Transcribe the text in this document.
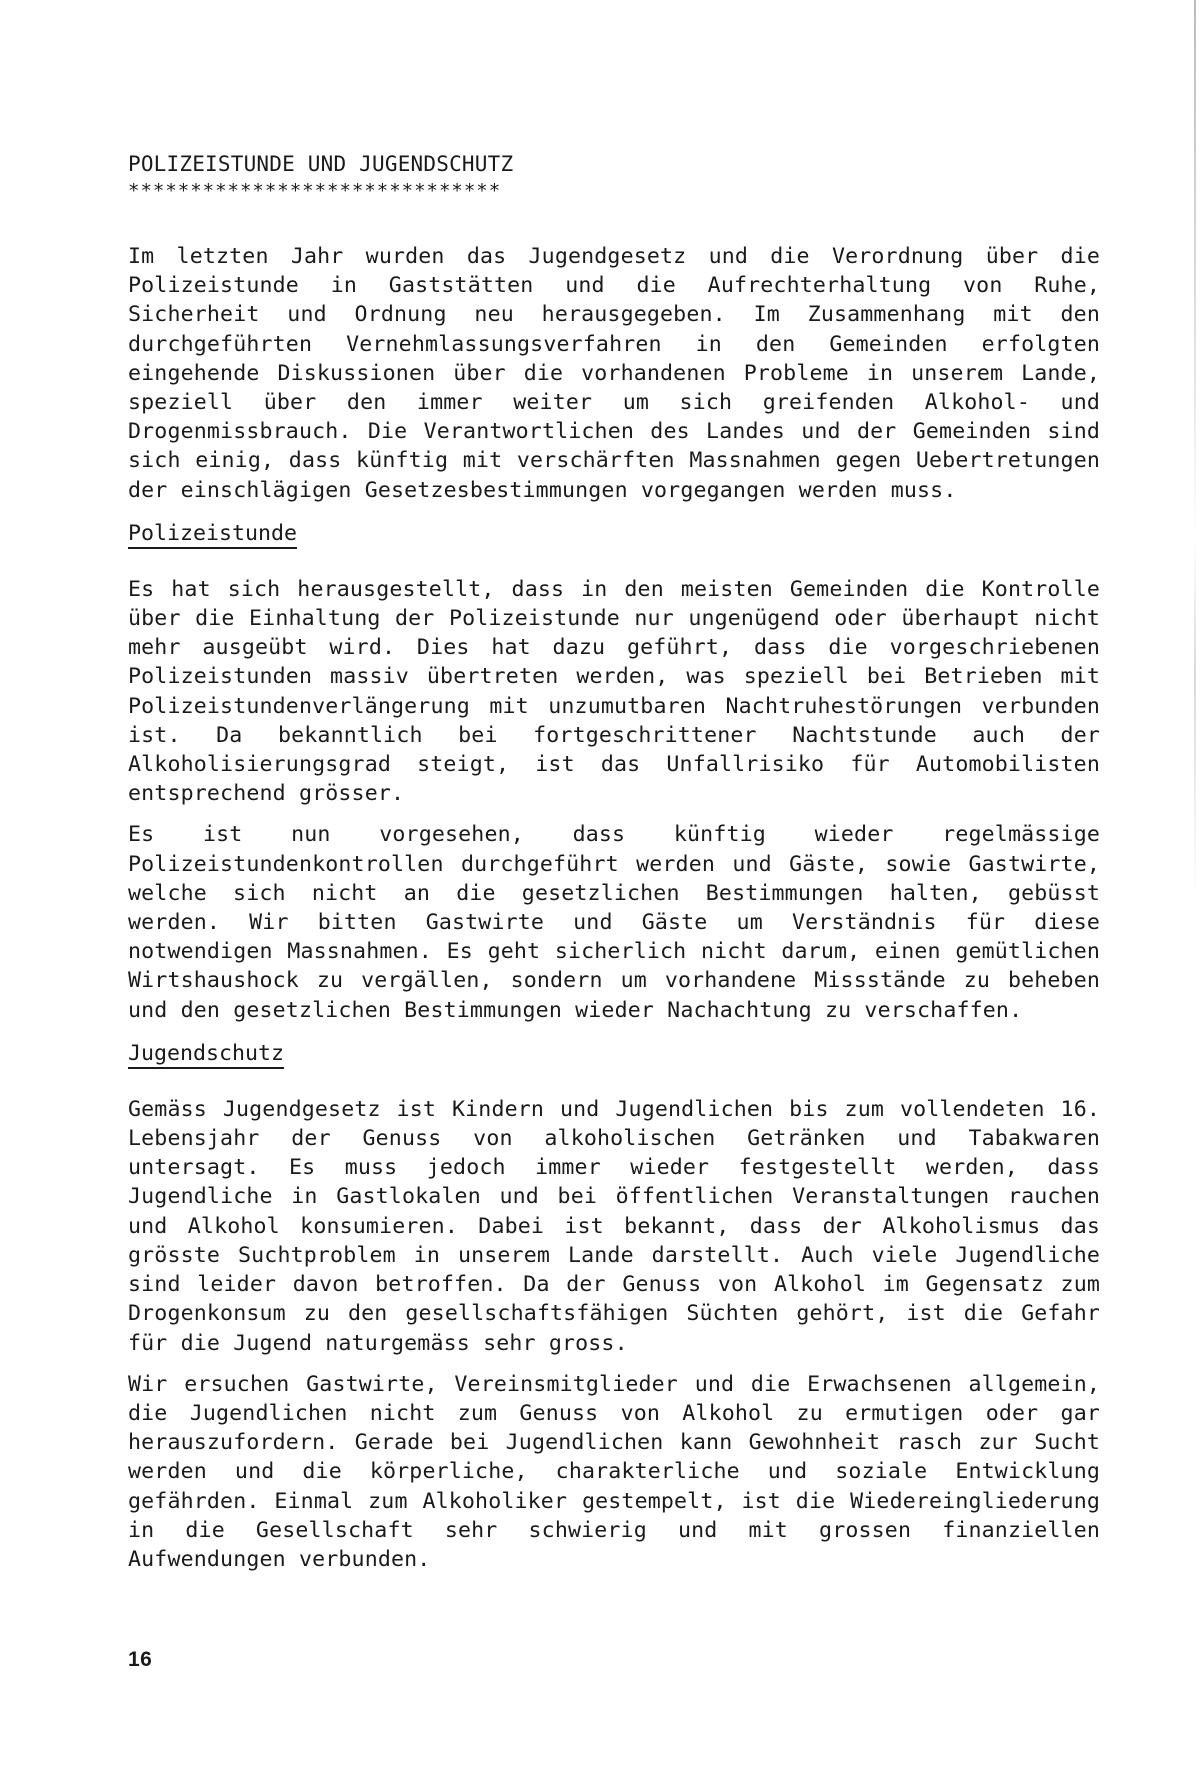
POLIZEISTUNDE UND JUGENDSCHUTZ
******************************

Im letzten Jahr wurden das Jugendgesetz und die Verordnung über die Polizeistunde in Gaststätten und die Aufrechterhaltung von Ruhe, Sicherheit und Ordnung neu herausgegeben. Im Zusammenhang mit den durchgeführten Vernehmlassungsverfahren in den Gemeinden erfolgten eingehende Diskussionen über die vorhandenen Probleme in unserem Lande, speziell über den immer weiter um sich greifenden Alkohol- und Drogenmissbrauch. Die Verantwortlichen des Landes und der Gemeinden sind sich einig, dass künftig mit verschärften Massnahmen gegen Uebertretungen der einschlägigen Gesetzesbestimmungen vorgegangen werden muss.

Polizeistunde

Es hat sich herausgestellt, dass in den meisten Gemeinden die Kontrolle über die Einhaltung der Polizeistunde nur ungenügend oder überhaupt nicht mehr ausgeübt wird. Dies hat dazu geführt, dass die vorgeschriebenen Polizeistunden massiv übertreten werden, was speziell bei Betrieben mit Polizeistundenverlängerung mit unzumutbaren Nachtruhestörungen verbunden ist. Da bekanntlich bei fortgeschrittener Nachtstunde auch der Alkoholisierungsgrad steigt, ist das Unfallrisiko für Automobilisten entsprechend grösser.

Es ist nun vorgesehen, dass künftig wieder regelmässige Polizeistundenkontrollen durchgeführt werden und Gäste, sowie Gastwirte, welche sich nicht an die gesetzlichen Bestimmungen halten, gebüsst werden. Wir bitten Gastwirte und Gäste um Verständnis für diese notwendigen Massnahmen. Es geht sicherlich nicht darum, einen gemütlichen Wirtshaushock zu vergällen, sondern um vorhandene Missstände zu beheben und den gesetzlichen Bestimmungen wieder Nachachtung zu verschaffen.

Jugendschutz

Gemäss Jugendgesetz ist Kindern und Jugendlichen bis zum vollendeten 16. Lebensjahr der Genuss von alkoholischen Getränken und Tabakwaren untersagt. Es muss jedoch immer wieder festgestellt werden, dass Jugendliche in Gastlokalen und bei öffentlichen Veranstaltungen rauchen und Alkohol konsumieren. Dabei ist bekannt, dass der Alkoholismus das grösste Suchtproblem in unserem Lande darstellt. Auch viele Jugendliche sind leider davon betroffen. Da der Genuss von Alkohol im Gegensatz zum Drogenkonsum zu den gesellschaftsfähigen Süchten gehört, ist die Gefahr für die Jugend naturgemäss sehr gross.

Wir ersuchen Gastwirte, Vereinsmitglieder und die Erwachsenen allgemein, die Jugendlichen nicht zum Genuss von Alkohol zu ermutigen oder gar herauszufordern. Gerade bei Jugendlichen kann Gewohnheit rasch zur Sucht werden und die körperliche, charakterliche und soziale Entwicklung gefährden. Einmal zum Alkoholiker gestempelt, ist die Wiedereingliederung in die Gesellschaft sehr schwierig und mit grossen finanziellen Aufwendungen verbunden.

16
